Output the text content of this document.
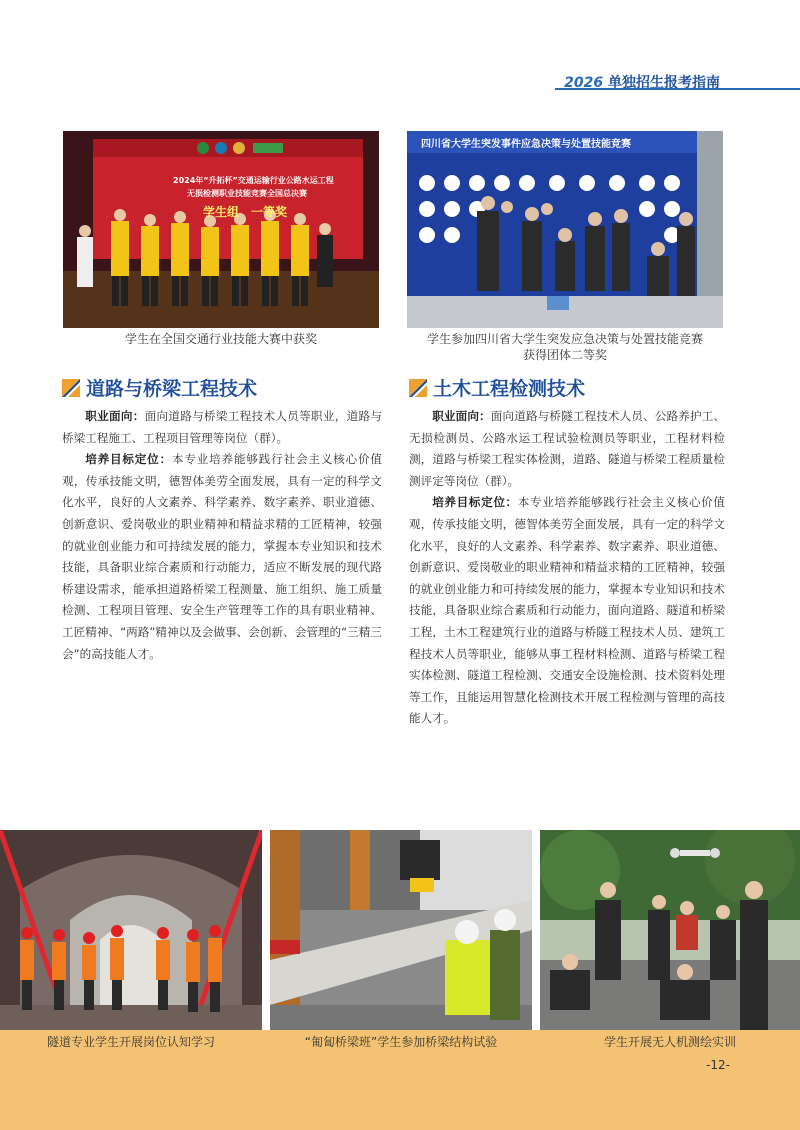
2026 单独招生报考指南
2024年“升拓杯”交通运输行业公路水运工程
无损检测职业技能竞赛全国总决赛
学生组　一等奖
学生在全国交通行业技能大赛中获奖
四川省大学生突发事件应急决策与处置技能竞赛
学生参加四川省大学生突发应急决策与处置技能竞赛
获得团体二等奖
道路与桥梁工程技术

职业面向：面向道路与桥梁工程技术人员等职业，道路与桥梁工程施工、工程项目管理等岗位（群）。

培养目标定位：本专业培养能够践行社会主义核心价值观，传承技能文明，德智体美劳全面发展，具有一定的科学文化水平，良好的人文素养、科学素养、数字素养、职业道德、创新意识、爱岗敬业的职业精神和精益求精的工匠精神，较强的就业创业能力和可持续发展的能力，掌握本专业知识和技术技能，具备职业综合素质和行动能力，适应不断发展的现代路桥建设需求，能承担道路桥梁工程测量、施工组织、施工质量检测、工程项目管理、安全生产管理等工作的具有职业精神、工匠精神、“两路”精神以及会做事、会创新、会管理的“三精三会”的高技能人才。

土木工程检测技术

职业面向：面向道路与桥隧工程技术人员、公路养护工、无损检测员、公路水运工程试验检测员等职业，工程材料检测，道路与桥梁工程实体检测，道路、隧道与桥梁工程质量检测评定等岗位（群）。

培养目标定位：本专业培养能够践行社会主义核心价值观，传承技能文明，德智体美劳全面发展，具有一定的科学文化水平，良好的人文素养、科学素养、数字素养、职业道德、创新意识、爱岗敬业的职业精神和精益求精的工匠精神，较强的就业创业能力和可持续发展的能力，掌握本专业知识和技术技能，具备职业综合素质和行动能力，面向道路、隧道和桥梁工程，土木工程建筑行业的道路与桥隧工程技术人员、建筑工程技术人员等职业，能够从事工程材料检测、道路与桥梁工程实体检测、隧道工程检测、交通安全设施检测、技术资料处理等工作，且能运用智慧化检测技术开展工程检测与管理的高技能人才。

隧道专业学生开展岗位认知学习	“匍匐桥梁班”学生参加桥梁结构试验	学生开展无人机测绘实训
-12-
